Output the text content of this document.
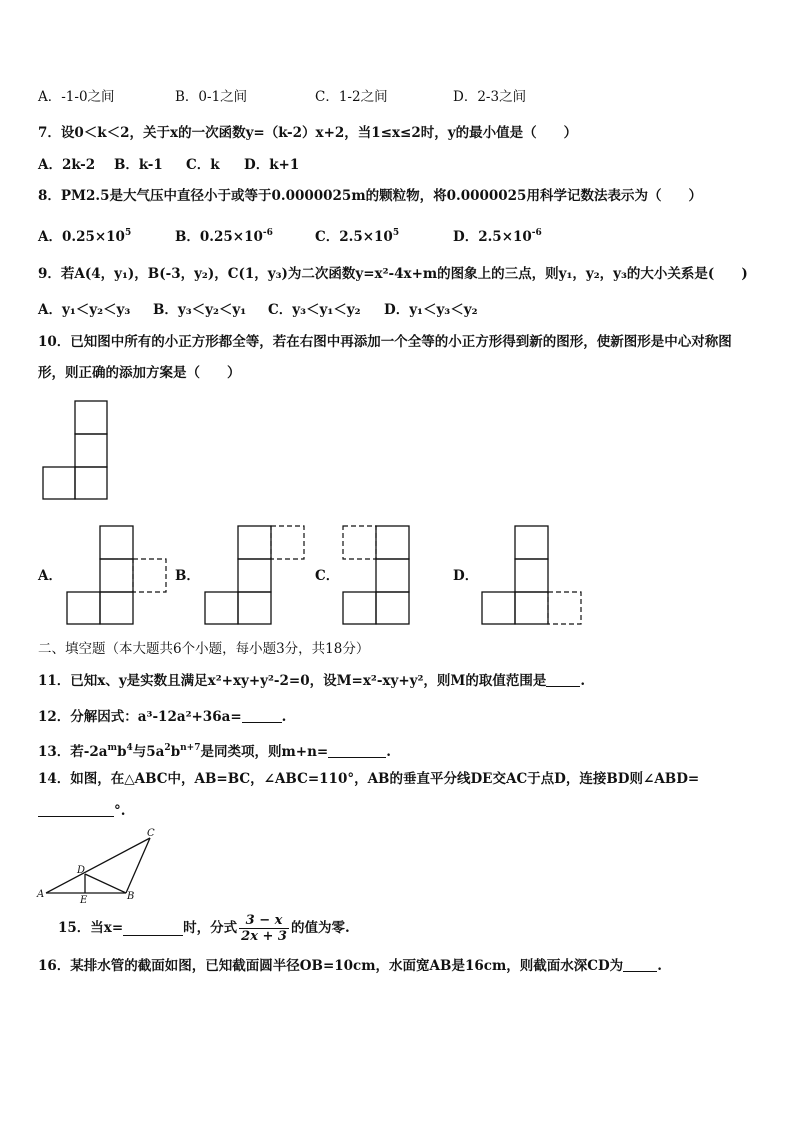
A．-1-0之间	B．0-1之间	C．1-2之间	D．2-3之间
7．设0＜k＜2，关于x的一次函数y=（k-2）x+2，当1≤x≤2时，y的最小值是（　　）
A．2k-2 B．k-1 C．k D．k+1
8．PM2.5是大气压中直径小于或等于0.0000025m的颗粒物，将0.0000025用科学记数法表示为（　　）
A．$0.25\times 10^5$	B．$0.25\times 10^{-6}$	C．$2.5\times 10^5$	D．$2.5\times 10^{-6}$
9．若A(4，y₁)，B(-3，y₂)，C(1，y₃)为二次函数y=x²-4x+m的图象上的三点，则y₁，y₂，y₃的大小关系是(　　)
A．y₁＜y₂＜y₃ B．y₃＜y₂＜y₁ C．y₃＜y₁＜y₂ D．y₁＜y₃＜y₂
10．已知图中所有的小正方形都全等，若在右图中再添加一个全等的小正方形得到新的图形，使新图形是中心对称图
形，则正确的添加方案是（　　）
A．	B．	C．	D．
二、填空题（本大题共6个小题，每小题3分，共18分）
11．已知x、y是实数且满足x²+xy+y²-2=0，设M=x²-xy+y²，则M的取值范围是	.
12．分解因式：a³-12a²+36a=	.
13．若$-2a^mb^4$与$5a^2b^{n+7}$是同类项，则m+n=	.
14．如图，在△ABC中，AB=BC，∠ABC=110°，AB的垂直平分线DE交AC于点D，连接BD则∠ABD=
°.
A
E	B
D
C
15．当x=	时，分式 $\frac{3 - x}{2x + 3}$ 的值为零.
16．某排水管的截面如图，已知截面圆半径OB=10cm，水面宽AB是16cm，则截面水深CD为	.
